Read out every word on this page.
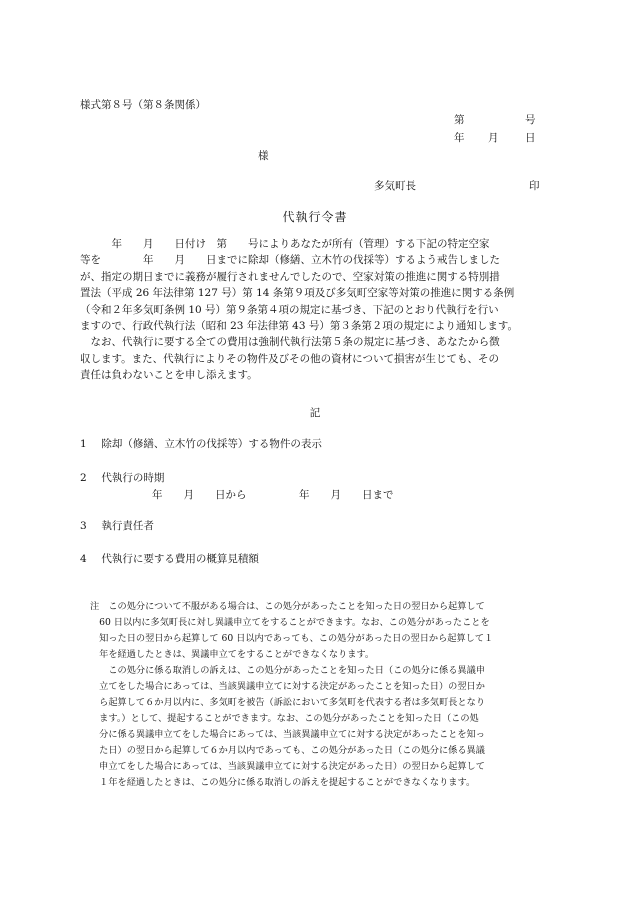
様式第８号（第８条関係）
第	号
年 月	日
様
多気町長	印
代執行令書
　　　年　　月　　日付け　第　　号によりあなたが所有（管理）する下記の特定空家
等を　　　　年　　月　　日までに除却（修繕、立木竹の伐採等）するよう戒告しました
が、指定の期日までに義務が履行されませんでしたので、空家対策の推進に関する特別措
置法（平成 26 年法律第 127 号）第 14 条第９項及び多気町空家等対策の推進に関する条例
（令和２年多気町条例 10 号）第９条第４項の規定に基づき、下記のとおり代執行を行い
ますので、行政代執行法（昭和 23 年法律第 43 号）第３条第２項の規定により通知します。
　なお、代執行に要する全ての費用は強制代執行法第５条の規定に基づき、あなたから徴
収します。また、代執行によりその物件及びその他の資材について損害が生じても、その
責任は負わないことを申し添えます。
記
1 除却（修繕、立木竹の伐採等）する物件の表示
2 代執行の時期
年　　月　　日から　　　　　年　　月　　日まで
3 執行責任者
4 代執行に要する費用の概算見積額
注　この処分について不服がある場合は、この処分があったことを知った日の翌日から起算して
　60 日以内に多気町長に対し異議申立てをすることができます。なお、この処分があったことを
　知った日の翌日から起算して 60 日以内であっても、この処分があった日の翌日から起算して１
　年を経過したときは、異議申立てをすることができなくなります。
　　この処分に係る取消しの訴えは、この処分があったことを知った日（この処分に係る異議申
　立てをした場合にあっては、当該異議申立てに対する決定があったことを知った日）の翌日か
　ら起算して６か月以内に、多気町を被告（訴訟において多気町を代表する者は多気町長となり
　ます。）として、提起することができます。なお、この処分があったことを知った日（この処
　分に係る異議申立てをした場合にあっては、当該異議申立てに対する決定があったことを知っ
　た日）の翌日から起算して６か月以内であっても、この処分があった日（この処分に係る異議
　申立てをした場合にあっては、当該異議申立てに対する決定があった日）の翌日から起算して
　１年を経過したときは、この処分に係る取消しの訴えを提起することができなくなります。
